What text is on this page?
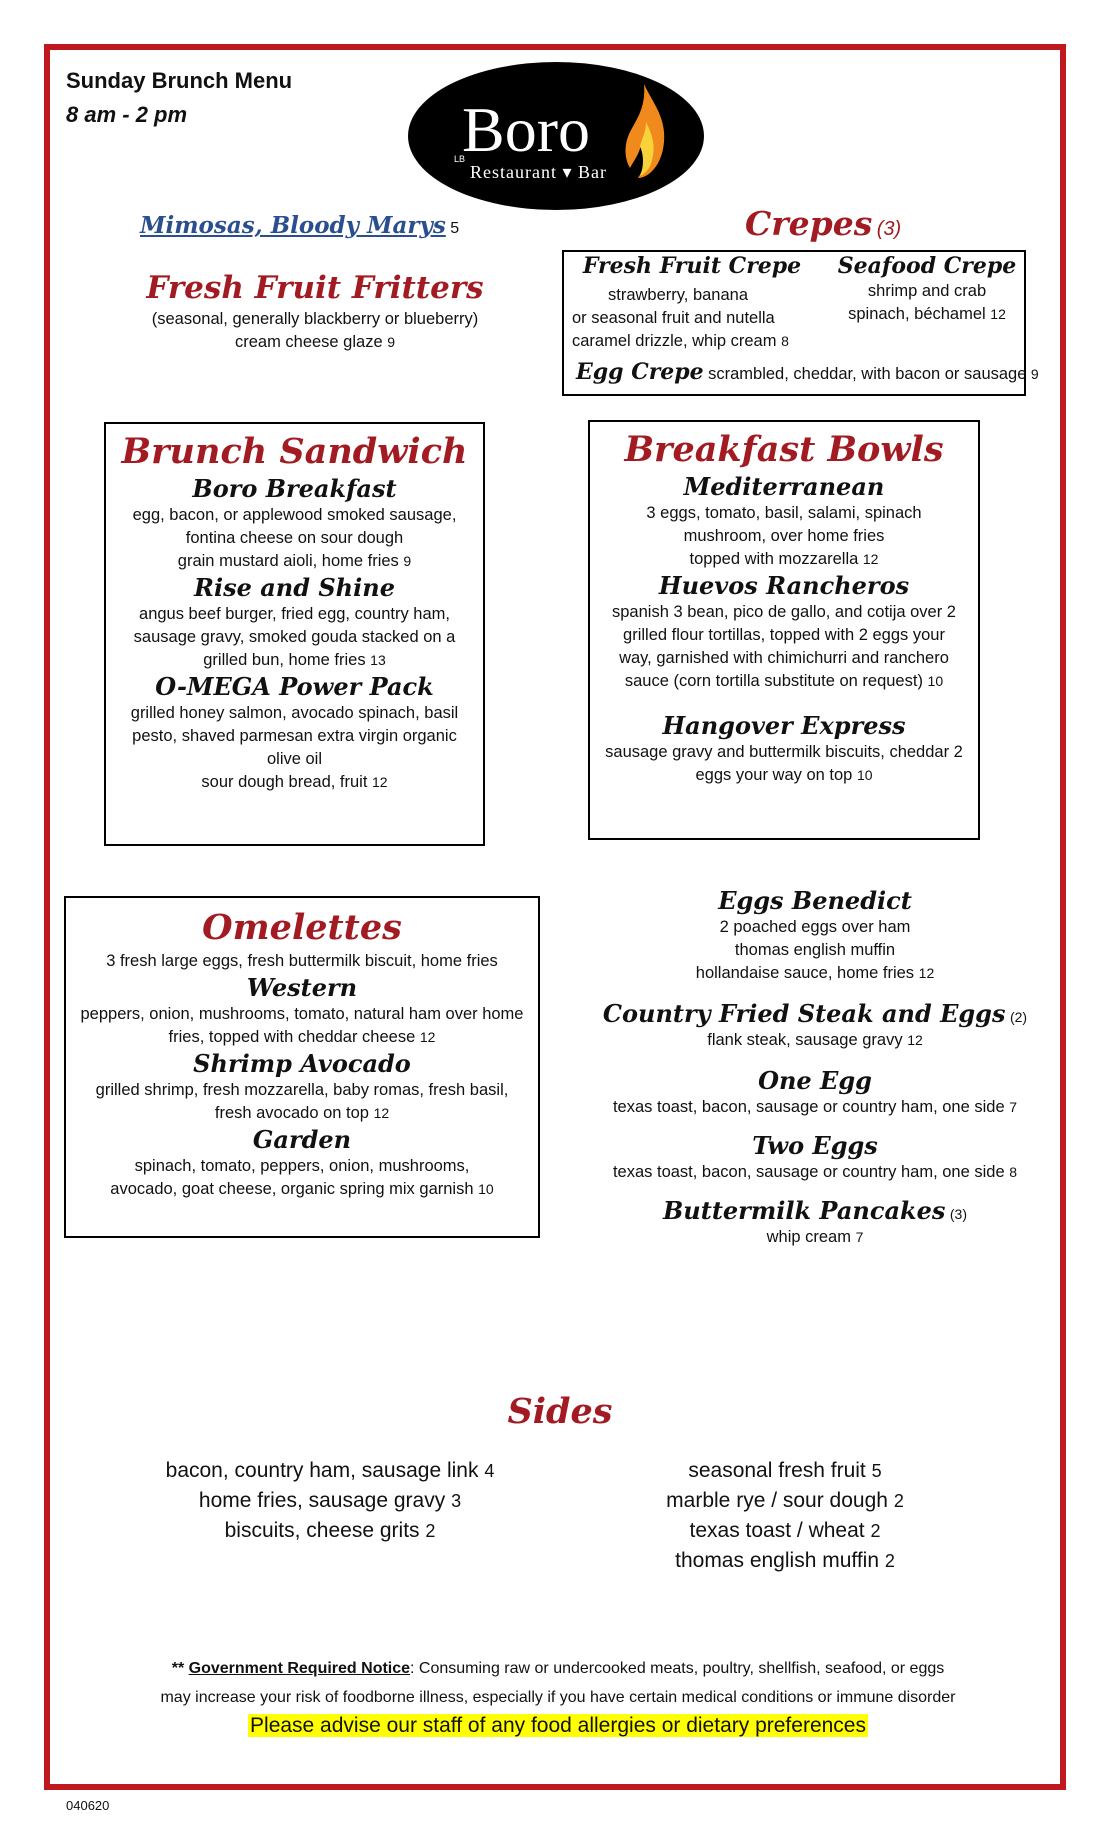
Sunday Brunch Menu
8 am - 2 pm
LB
Boro
Restaurant ▾ Bar
Mimosas, Bloody Marys 5
Fresh Fruit Fritters
(seasonal, generally blackberry or blueberry)
cream cheese glaze 9
Crepes (3)
Fresh Fruit Crepe
strawberry, banana
or seasonal fruit and nutella
caramel drizzle, whip cream 8
Seafood Crepe
shrimp and crab
spinach, béchamel 12
Egg Crepe scrambled, cheddar, with bacon or sausage 9
Brunch Sandwich
Boro Breakfast
egg, bacon, or applewood smoked sausage,
fontina cheese on sour dough
grain mustard aioli, home fries 9
Rise and Shine
angus beef burger, fried egg, country ham,
sausage gravy, smoked gouda stacked on a
grilled bun, home fries 13
O-MEGA Power Pack
grilled honey salmon, avocado spinach, basil
pesto, shaved parmesan extra virgin organic
olive oil
sour dough bread, fruit 12
Breakfast Bowls
Mediterranean
3 eggs, tomato, basil, salami, spinach
mushroom, over home fries
topped with mozzarella 12
Huevos Rancheros
spanish 3 bean, pico de gallo, and cotija over 2
grilled flour tortillas, topped with 2 eggs your
way, garnished with chimichurri and ranchero
sauce (corn tortilla substitute on request) 10
Hangover Express
sausage gravy and buttermilk biscuits, cheddar 2
eggs your way on top 10
Omelettes
3 fresh large eggs, fresh buttermilk biscuit, home fries
Western
peppers, onion, mushrooms, tomato, natural ham over home
fries, topped with cheddar cheese 12
Shrimp Avocado
grilled shrimp, fresh mozzarella, baby romas, fresh basil,
fresh avocado on top 12
Garden
spinach, tomato, peppers, onion, mushrooms,
avocado, goat cheese, organic spring mix garnish 10
Eggs Benedict
2 poached eggs over ham
thomas english muffin
hollandaise sauce, home fries 12
Country Fried Steak and Eggs (2)
flank steak, sausage gravy 12
One Egg
texas toast, bacon, sausage or country ham, one side 7
Two Eggs
texas toast, bacon, sausage or country ham, one side 8
Buttermilk Pancakes (3)
whip cream 7
Sides
bacon, country ham, sausage link 4
home fries, sausage gravy 3
biscuits, cheese grits 2
seasonal fresh fruit 5
marble rye / sour dough 2
texas toast / wheat 2
thomas english muffin 2
** Government Required Notice: Consuming raw or undercooked meats, poultry, shellfish, seafood, or eggs
may increase your risk of foodborne illness, especially if you have certain medical conditions or immune disorder
Please advise our staff of any food allergies or dietary preferences
040620
